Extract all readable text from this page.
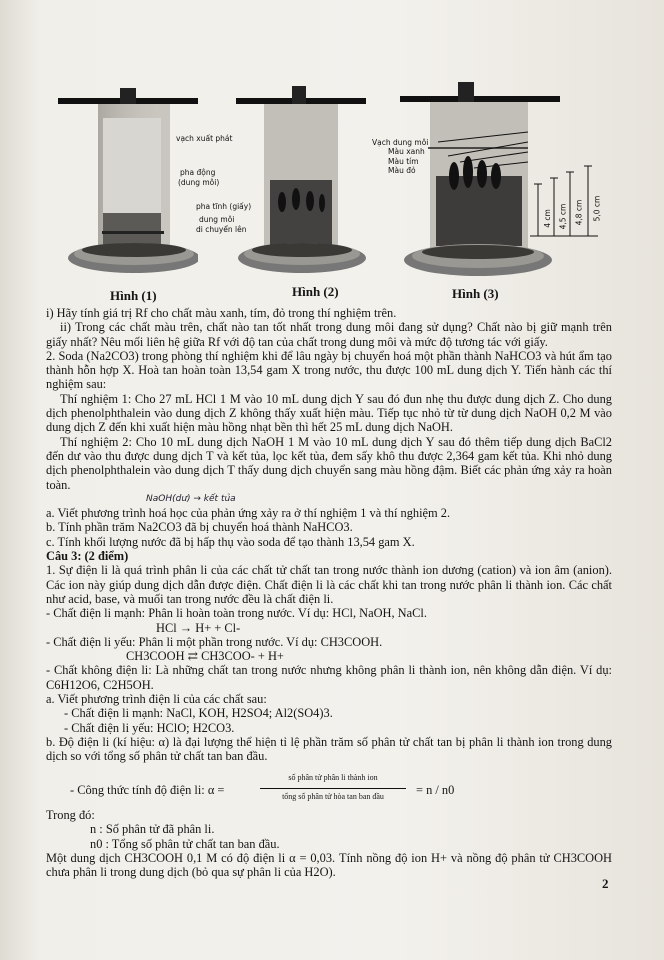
vạch xuất phát
pha động
(dung môi)
pha tĩnh (giấy)
dung môi
di chuyển lên
Hình (1)	Hình (2)
Vạch dung môi
Màu xanh
Màu tím
Màu đỏ
4 cm 4,5 cm 4,8 cm 5,0 cm
Hình (3)

i) Hãy tính giá trị Rf cho chất màu xanh, tím, đỏ trong thí nghiệm trên.

ii) Trong các chất màu trên, chất nào tan tốt nhất trong dung môi đang sử dụng? Chất nào bị giữ mạnh trên giấy nhất? Nêu mối liên hệ giữa Rf với độ tan của chất trong dung môi và mức độ tương tác với giấy.

2. Soda (Na2CO3) trong phòng thí nghiệm khi để lâu ngày bị chuyển hoá một phần thành NaHCO3 và hút ẩm tạo thành hỗn hợp X. Hoà tan hoàn toàn 13,54 gam X trong nước, thu được 100 mL dung dịch Y. Tiến hành các thí nghiệm sau:

Thí nghiệm 1: Cho 27 mL HCl 1 M vào 10 mL dung dịch Y sau đó đun nhẹ thu được dung dịch Z. Cho dung dịch phenolphthalein vào dung dịch Z không thấy xuất hiện màu. Tiếp tục nhỏ từ từ dung dịch NaOH 0,2 M vào dung dịch Z đến khi xuất hiện màu hồng nhạt bền thì hết 25 mL dung dịch NaOH.

Thí nghiệm 2: Cho 10 mL dung dịch NaOH 1 M vào 10 mL dung dịch Y sau đó thêm tiếp dung dịch BaCl2 đến dư vào thu được dung dịch T và kết tủa, lọc kết tủa, đem sấy khô thu được 2,364 gam kết tủa. Khi nhỏ dung dịch phenolphthalein vào dung dịch T thấy dung dịch chuyển sang màu hồng đậm. Biết các phản ứng xảy ra hoàn toàn.

NaOH(dư) → kết tủa

a. Viết phương trình hoá học của phản ứng xảy ra ở thí nghiệm 1 và thí nghiệm 2.

b. Tính phần trăm Na2CO3 đã bị chuyển hoá thành NaHCO3.

c. Tính khối lượng nước đã bị hấp thụ vào soda để tạo thành 13,54 gam X.

Câu 3: (2 điểm)

1. Sự điện li là quá trình phân li của các chất tử chất tan trong nước thành ion dương (cation) và ion âm (anion). Các ion này giúp dung dịch dẫn được điện. Chất điện li là các chất khi tan trong nước phân li thành ion. Các chất như acid, base, và muối tan trong nước đều là chất điện li.

- Chất điện li mạnh: Phân li hoàn toàn trong nước. Ví dụ: HCl, NaOH, NaCl.

HCl → H+ + Cl-

- Chất điện li yếu: Phân li một phần trong nước. Ví dụ: CH3COOH.

CH3COOH ⇄ CH3COO- + H+

- Chất không điện li: Là những chất tan trong nước nhưng không phân li thành ion, nên không dẫn điện. Ví dụ: C6H12O6, C2H5OH.

a. Viết phương trình điện li của các chất sau:

- Chất điện li mạnh: NaCl, KOH, H2SO4; Al2(SO4)3.

- Chất điện li yếu: HClO; H2CO3.

b. Độ điện li (kí hiệu: α) là đại lượng thể hiện tỉ lệ phần trăm số phân tử chất tan bị phân li thành ion trong dung dịch so với tổng số phân tử chất tan ban đầu.

- Công thức tính độ điện li: α =
số phân tử phân li thành ion
tổng số phân tử hòa tan ban đầu	= n / n0

Trong đó:

n : Số phân tử đã phân li.

n0 : Tổng số phân tử chất tan ban đầu.

Một dung dịch CH3COOH 0,1 M có độ điện li α = 0,03. Tính nồng độ ion H+ và nồng độ phân tử CH3COOH chưa phân li trong dung dịch (bỏ qua sự phân li của H2O).

2
